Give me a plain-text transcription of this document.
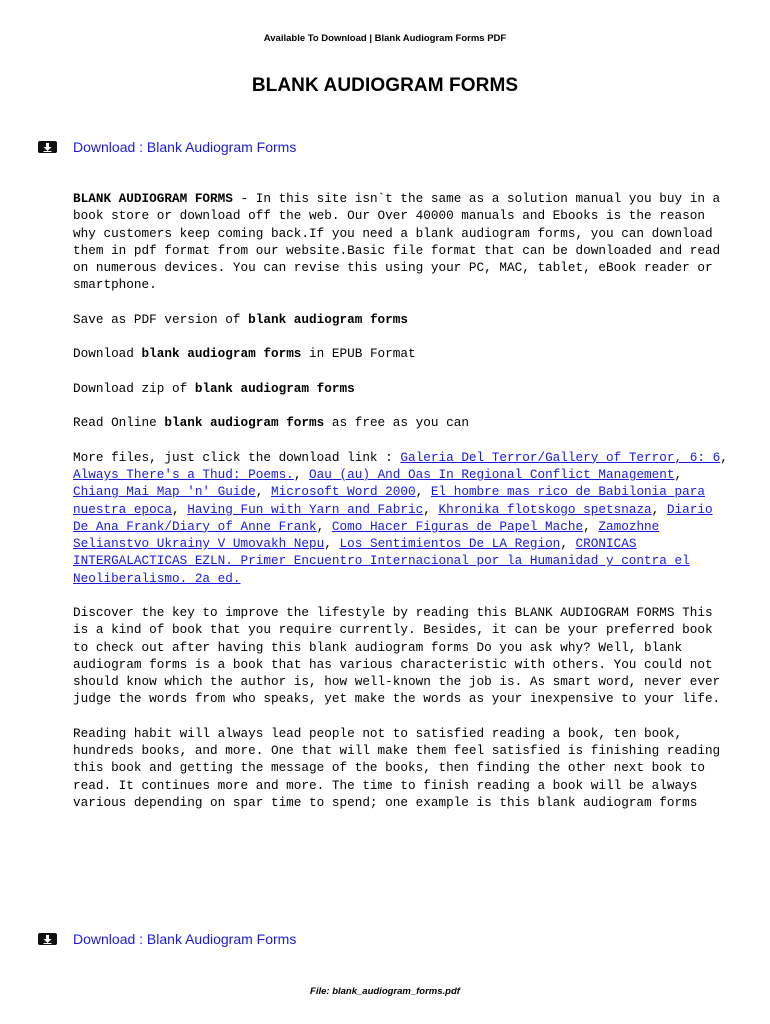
Available To Download | Blank Audiogram Forms PDF
BLANK AUDIOGRAM FORMS
Download : Blank Audiogram Forms

BLANK AUDIOGRAM FORMS - In this site isn`t the same as a solution manual you buy in a book store or download off the web. Our Over 40000 manuals and Ebooks is the reason why customers keep coming back.If you need a blank audiogram forms, you can download them in pdf format from our website.Basic file format that can be downloaded and read on numerous devices. You can revise this using your PC, MAC, tablet, eBook reader or smartphone.

Save as PDF version of blank audiogram forms

Download blank audiogram forms in EPUB Format

Download zip of blank audiogram forms

Read Online blank audiogram forms as free as you can

More files, just click the download link : Galeria Del Terror/Gallery of Terror, 6: 6, Always There's a Thud: Poems., Oau (au) And Oas In Regional Conflict Management, Chiang Mai Map 'n' Guide, Microsoft Word 2000, El hombre mas rico de Babilonia para nuestra epoca, Having Fun with Yarn and Fabric, Khronika flotskogo spetsnaza, Diario De Ana Frank/Diary of Anne Frank, Como Hacer Figuras de Papel Mache, Zamozhne Selianstvo Ukrainy V Umovakh Nepu, Los Sentimientos De LA Region, CRONICAS INTERGALACTICAS EZLN. Primer Encuentro Internacional por la Humanidad y contra el Neoliberalismo. 2a ed.

Discover the key to improve the lifestyle by reading this BLANK AUDIOGRAM FORMS This is a kind of book that you require currently. Besides, it can be your preferred book to check out after having this blank audiogram forms Do you ask why? Well, blank audiogram forms is a book that has various characteristic with others. You could not should know which the author is, how well-known the job is. As smart word, never ever judge the words from who speaks, yet make the words as your inexpensive to your life.

Reading habit will always lead people not to satisfied reading a book, ten book, hundreds books, and more. One that will make them feel satisfied is finishing reading this book and getting the message of the books, then finding the other next book to read. It continues more and more. The time to finish reading a book will be always various depending on spar time to spend; one example is this blank audiogram forms

Download : Blank Audiogram Forms
File: blank_audiogram_forms.pdf
